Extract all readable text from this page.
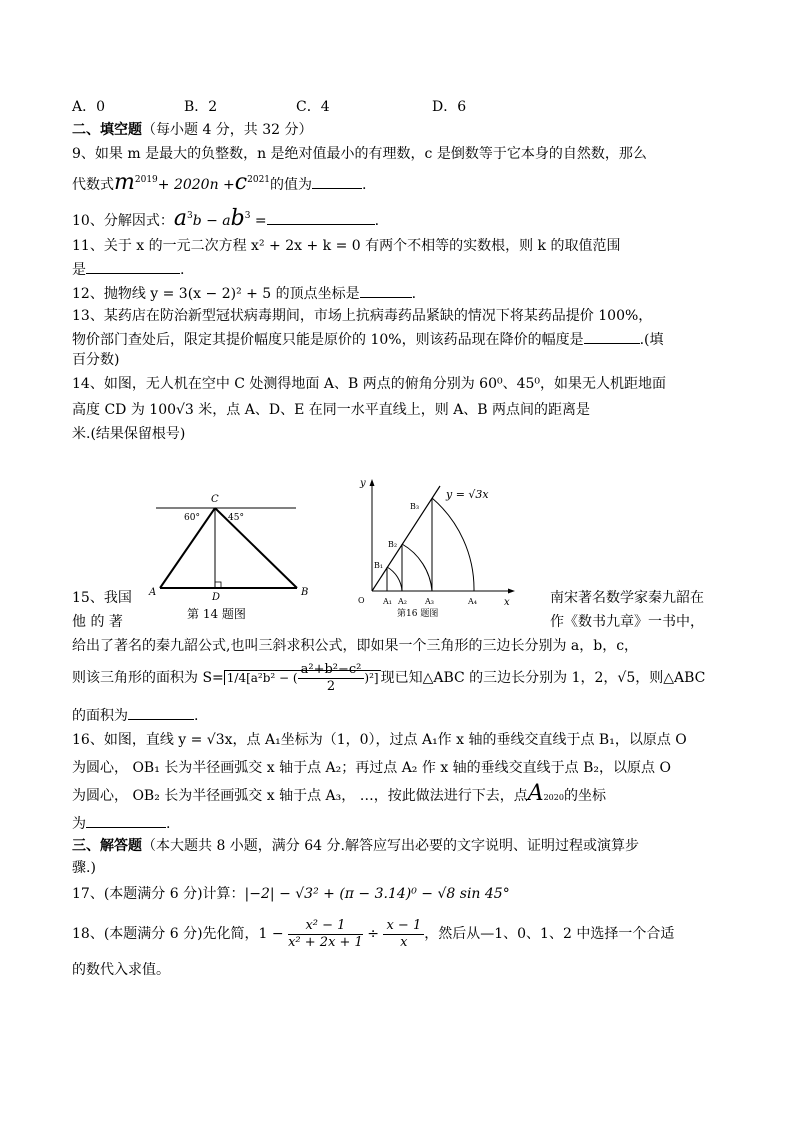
A．0	B．2	C．4	D．6
二、填空题（每小题 4 分，共 32 分）
9、如果 m 是最大的负整数，n 是绝对值最小的有理数，c 是倒数等于它本身的自然数，那么
代数式$m^{2019}+ 2020n +c^{2021}$的值为	.
10、分解因式：$a^3b - ab^3$ =	.
11、关于 x 的一元二次方程 x² + 2x + k = 0 有两个不相等的实数根，则 k 的取值范围
是	.
12、抛物线 y = 3(x − 2)² + 5 的顶点坐标是	.
13、某药店在防治新型冠状病毒期间，市场上抗病毒药品紧缺的情况下将某药品提价 100%，
物价部门查处后，限定其提价幅度只能是原价的 10%，则该药品现在降价的幅度是	.(填
百分数)
14、如图，无人机在空中 C 处测得地面 A、B 两点的俯角分别为 60⁰、45⁰，如果无人机距地面
高度 CD 为 100√3 米，点 A、D、E 在同一水平直线上，则 A、B 两点间的距离是
米.(结果保留根号)
C
60°	45°
A	D	B
第 14 题图
y
y = √3x
B₃
B₂
B₁
O A₁ A₂ A₃	A₄	x
第16 题图
15、我国	南宋著名数学家秦九韶在
他 的 著	作《数书九章》一书中，
给出了著名的秦九韶公式,也叫三斜求积公式，即如果一个三角形的三边长分别为 a，b，c，
则该三角形的面积为 S= 1/4[a²b² − ( $\frac{\text{a²+b²−c²}}{2} )^2$] 现已知△ABC 的三边长分别为 1，2，√5，则△ABC
的面积为	.
16、如图，直线 y = √3x，点 A₁坐标为（1，0），过点 A₁作 x 轴的垂线交直线于点 B₁，以原点 O
为圆心， OB₁ 长为半径画弧交 x 轴于点 A₂；再过点 A₂ 作 x 轴的垂线交直线于点 B₂，以原点 O
为圆心， OB₂ 长为半径画弧交 x 轴于点 A₃， …，按此做法进行下去，点A2020的坐标
为	.
三、解答题（本大题共 8 小题，满分 64 分.解答应写出必要的文字说明、证明过程或演算步
骤.)
17、(本题满分 6 分)计算：|−2| − √3² + (π − 3.14)⁰ − √8 sin 45°
18、(本题满分 6 分)先化简，$1 - \frac{\text{x² − 1}}{\text{x² + 2x + 1}} \div \frac{x - 1}{x}$ ，然后从—1、0、1、2 中选择一个合适
的数代入求值。
